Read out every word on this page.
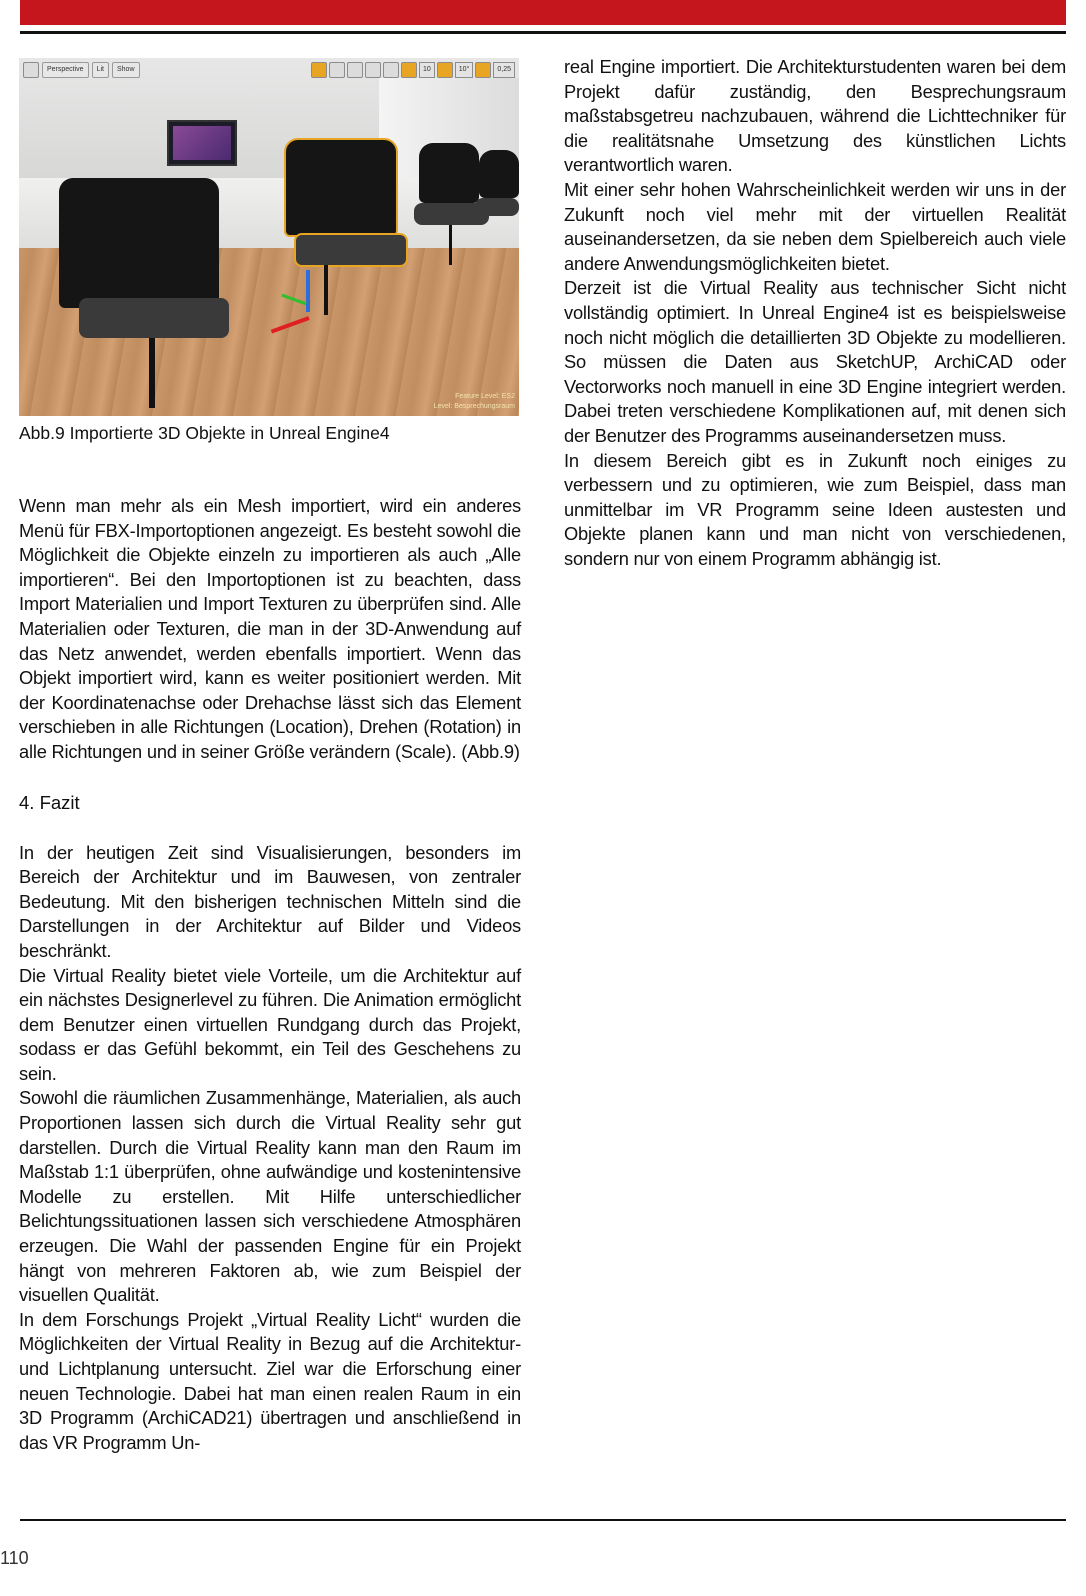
Perspective	Lit	Show	10	10°	0,25
Feature Level: ES2
Level: Besprechungsraum

Abb.9 Importierte 3D Objekte in Unreal Engine4

Wenn man mehr als ein Mesh importiert, wird ein anderes Menü für FBX-Importoptionen angezeigt. Es besteht sowohl die Möglichkeit die Objekte einzeln zu importieren als auch „Alle importieren“. Bei den Importoptionen ist zu beachten, dass Import Materialien und Import Texturen zu überprüfen sind. Alle Materialien oder Texturen, die man in der 3D-Anwendung auf das Netz anwendet, werden ebenfalls importiert. Wenn das Objekt importiert wird, kann es weiter positioniert werden. Mit der Koordinatenachse oder Drehachse lässt sich das Element verschieben in alle Richtungen (Location), Drehen (Rotation) in alle Richtungen und in seiner Größe verändern (Scale). (Abb.9)

4. Fazit

In der heutigen Zeit sind Visualisierungen, besonders im Bereich der Architektur und im Bauwesen, von zentraler Bedeutung. Mit den bisherigen technischen Mitteln sind die Darstellungen in der Architektur auf Bilder und Videos beschränkt.

Die Virtual Reality bietet viele Vorteile, um die Architektur auf ein nächstes Designerlevel zu führen. Die Animation ermöglicht dem Benutzer einen virtuellen Rundgang durch das Projekt, sodass er das Gefühl bekommt, ein Teil des Geschehens zu sein.

Sowohl die räumlichen Zusammenhänge, Materialien, als auch Proportionen lassen sich durch die Virtual Reality sehr gut darstellen. Durch die Virtual Reality kann man den Raum im Maßstab 1:1 überprüfen, ohne aufwändige und kostenintensive Modelle zu erstellen. Mit Hilfe unterschiedlicher Belichtungssituationen lassen sich verschiedene Atmosphären erzeugen. Die Wahl der passenden Engine für ein Projekt hängt von mehreren Faktoren ab, wie zum Beispiel der visuellen Qualität.

In dem Forschungs Projekt „Virtual Reality Licht“ wurden die Möglichkeiten der Virtual Reality in Bezug auf die Architektur- und Lichtplanung untersucht. Ziel war die Erforschung einer neuen Technologie. Dabei hat man einen realen Raum in ein 3D Programm (ArchiCAD21) übertragen und anschließend in das VR Programm Un-

real Engine importiert. Die Architekturstudenten waren bei dem Projekt dafür zuständig, den Besprechungsraum maßstabsgetreu nachzubauen, während die Lichttechniker für die realitätsnahe Umsetzung des künstlichen Lichts verantwortlich waren.

Mit einer sehr hohen Wahrscheinlichkeit werden wir uns in der Zukunft noch viel mehr mit der virtuellen Realität auseinandersetzen, da sie neben dem Spielbereich auch viele andere Anwendungsmöglichkeiten bietet.

Derzeit ist die Virtual Reality aus technischer Sicht nicht vollständig optimiert. In Unreal Engine4 ist es beispielsweise noch nicht möglich die detaillierten 3D Objekte zu modellieren. So müssen die Daten aus SketchUP, ArchiCAD oder Vectorworks noch manuell in eine 3D Engine integriert werden. Dabei treten verschiedene Komplikationen auf, mit denen sich der Benutzer des Programms auseinandersetzen muss.

In diesem Bereich gibt es in Zukunft noch einiges zu verbessern und zu optimieren, wie zum Beispiel, dass man unmittelbar im VR Programm seine Ideen austesten und Objekte planen kann und man nicht von verschiedenen, sondern nur von einem Programm abhängig ist.

110
